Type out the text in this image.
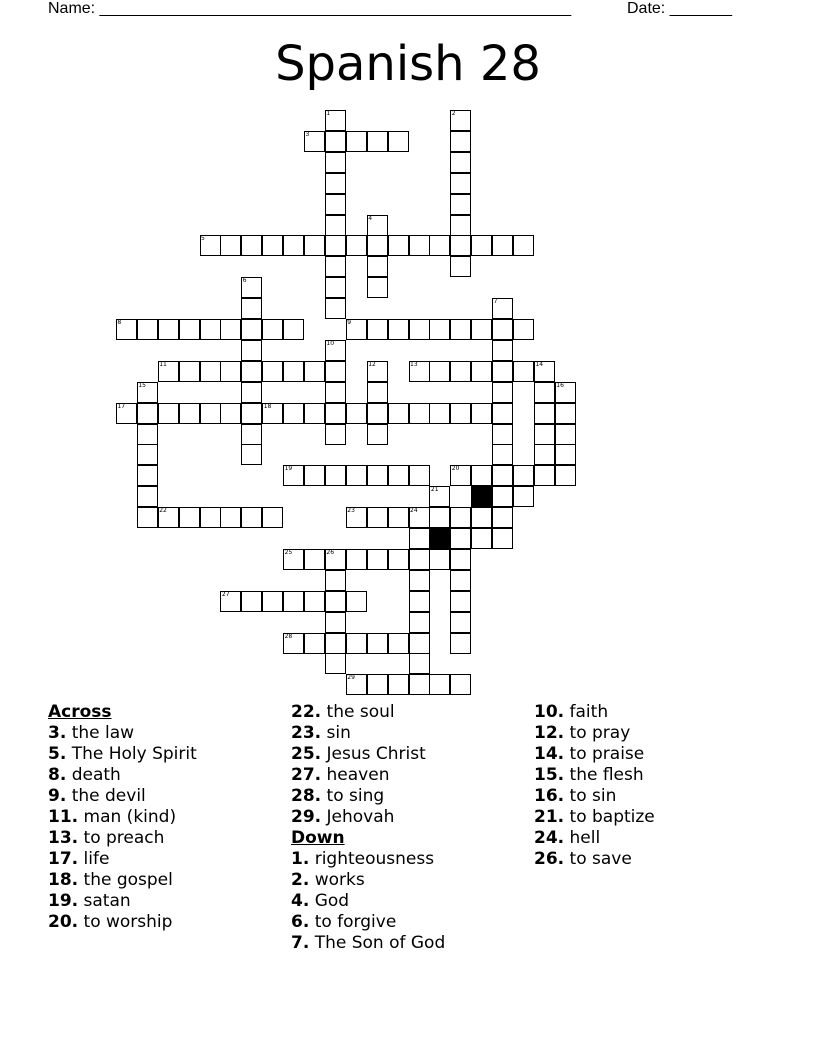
Name: _____________________________________________________	Date: _______
Spanish 28
1	2
3
4
5
6
7
8	9
10
11	12	13	14
15	16
17	18
19	20
21
22	23	24
25	26
27
28
29
Across
3. the law
5. The Holy Spirit
8. death
9. the devil
11. man (kind)
13. to preach
17. life
18. the gospel
19. satan
20. to worship
22. the soul
23. sin
25. Jesus Christ
27. heaven
28. to sing
29. Jehovah
Down
1. righteousness
2. works
4. God
6. to forgive
7. The Son of God
10. faith
12. to pray
14. to praise
15. the flesh
16. to sin
21. to baptize
24. hell
26. to save
